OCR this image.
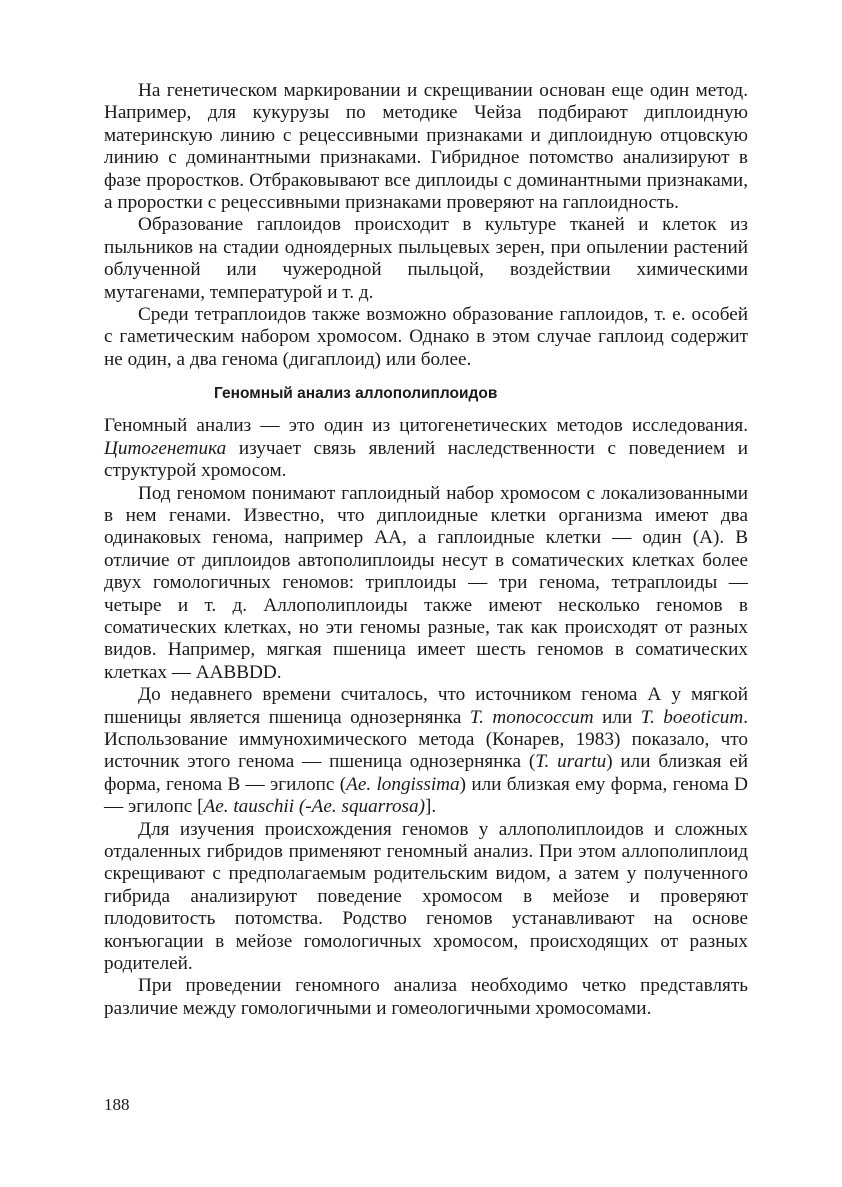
На генетическом маркировании и скрещивании основан еще один метод. Например, для кукурузы по методике Чейза подбирают диплоидную материнскую линию с рецессивными признаками и диплоидную отцовскую линию с доминантными признаками. Гибридное потомство анализируют в фазе проростков. Отбраковывают все диплоиды с доминантными признаками, а проростки с рецессивными признаками проверяют на гаплоидность.

Образование гаплоидов происходит в культуре тканей и клеток из пыльников на стадии одноядерных пыльцевых зерен, при опылении растений облученной или чужеродной пыльцой, воздействии химическими мутагенами, температурой и т. д.

Среди тетраплоидов также возможно образование гаплоидов, т. е. особей с гаметическим набором хромосом. Однако в этом случае гаплоид содержит не один, а два генома (дигаплоид) или более.

Геномный анализ аллополиплоидов

Геномный анализ — это один из цитогенетических методов исследования. Цитогенетика изучает связь явлений наследственности с поведением и структурой хромосом.

Под геномом понимают гаплоидный набор хромосом с локализованными в нем генами. Известно, что диплоидные клетки организма имеют два одинаковых генома, например АА, а гаплоидные клетки — один (А). В отличие от диплоидов автополиплоиды несут в соматических клетках более двух гомологичных геномов: триплоиды — три генома, тетраплоиды — четыре и т. д. Аллополиплоиды также имеют несколько геномов в соматических клетках, но эти геномы разные, так как происходят от разных видов. Например, мягкая пшеница имеет шесть геномов в соматических клетках — AABBDD.

До недавнего времени считалось, что источником генома А у мягкой пшеницы является пшеница однозернянка T. monococcum или T. boeoticum. Использование иммунохимического метода (Конарев, 1983) показало, что источник этого генома — пшеница однозернянка (T. urartu) или близкая ей форма, генома В — эгилопс (Ae. longissima) или близкая ему форма, генома D — эгилопс [Ae. tauschii (-Ae. squarrosa)].

Для изучения происхождения геномов у аллополиплоидов и сложных отдаленных гибридов применяют геномный анализ. При этом аллополиплоид скрещивают с предполагаемым родительским видом, а затем у полученного гибрида анализируют поведение хромосом в мейозе и проверяют плодовитость потомства. Родство геномов устанавливают на основе конъюгации в мейозе гомологичных хромосом, происходящих от разных родителей.

При проведении геномного анализа необходимо четко представлять различие между гомологичными и гомеологичными хромосомами.

188
